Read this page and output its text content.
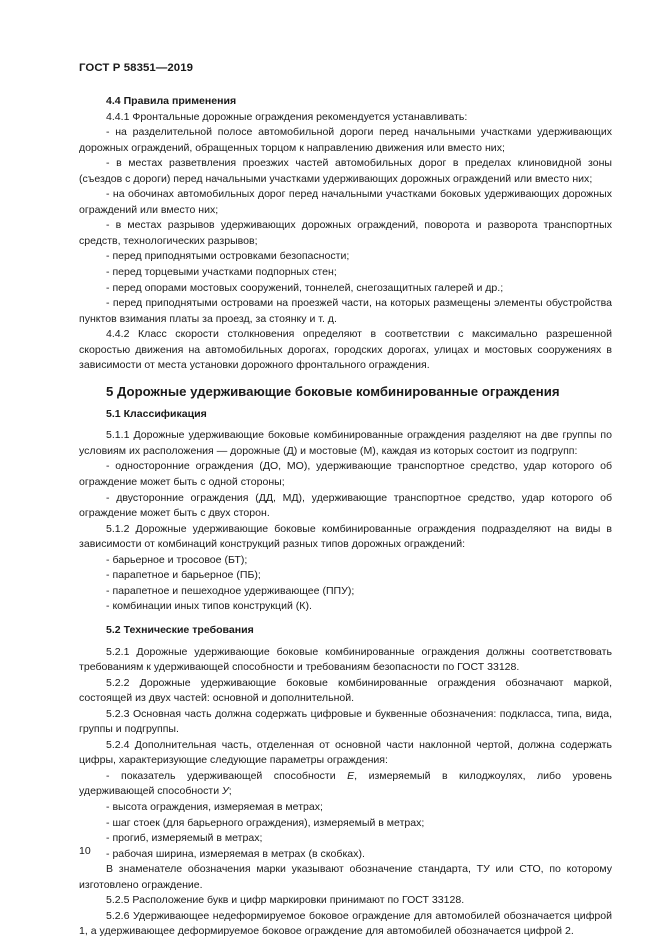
ГОСТ Р 58351—2019

4.4 Правила применения

4.4.1 Фронтальные дорожные ограждения рекомендуется устанавливать:

- на разделительной полосе автомобильной дороги перед начальными участками удерживающих дорожных ограждений, обращенных торцом к направлению движения или вместо них;

- в местах разветвления проезжих частей автомобильных дорог в пределах клиновидной зоны (съездов с дороги) перед начальными участками удерживающих дорожных ограждений или вместо них;

- на обочинах автомобильных дорог перед начальными участками боковых удерживающих дорожных ограждений или вместо них;

- в местах разрывов удерживающих дорожных ограждений, поворота и разворота транспортных средств, технологических разрывов;

- перед приподнятыми островками безопасности;

- перед торцевыми участками подпорных стен;

- перед опорами мостовых сооружений, тоннелей, снегозащитных галерей и др.;

- перед приподнятыми островами на проезжей части, на которых размещены элементы обустройства пунктов взимания платы за проезд, за стоянку и т. д.

4.4.2 Класс скорости столкновения определяют в соответствии с максимально разрешенной скоростью движения на автомобильных дорогах, городских дорогах, улицах и мостовых сооружениях в зависимости от места установки дорожного фронтального ограждения.

5 Дорожные удерживающие боковые комбинированные ограждения

5.1 Классификация

5.1.1 Дорожные удерживающие боковые комбинированные ограждения разделяют на две группы по условиям их расположения — дорожные (Д) и мостовые (М), каждая из которых состоит из подгрупп:

- односторонние ограждения (ДО, МО), удерживающие транспортное средство, удар которого об ограждение может быть с одной стороны;

- двусторонние ограждения (ДД, МД), удерживающие транспортное средство, удар которого об ограждение может быть с двух сторон.

5.1.2 Дорожные удерживающие боковые комбинированные ограждения подразделяют на виды в зависимости от комбинаций конструкций разных типов дорожных ограждений:

- барьерное и тросовое (БТ);

- парапетное и барьерное (ПБ);

- парапетное и пешеходное удерживающее (ППУ);

- комбинации иных типов конструкций (К).

5.2 Технические требования

5.2.1 Дорожные удерживающие боковые комбинированные ограждения должны соответствовать требованиям к удерживающей способности и требованиям безопасности по ГОСТ 33128.

5.2.2 Дорожные удерживающие боковые комбинированные ограждения обозначают маркой, состоящей из двух частей: основной и дополнительной.

5.2.3 Основная часть должна содержать цифровые и буквенные обозначения: подкласса, типа, вида, группы и подгруппы.

5.2.4 Дополнительная часть, отделенная от основной части наклонной чертой, должна содержать цифры, характеризующие следующие параметры ограждения:

- показатель удерживающей способности Е, измеряемый в килоджоулях, либо уровень удерживающей способности У;

- высота ограждения, измеряемая в метрах;

- шаг стоек (для барьерного ограждения), измеряемый в метрах;

- прогиб, измеряемый в метрах;

- рабочая ширина, измеряемая в метрах (в скобках).

В знаменателе обозначения марки указывают обозначение стандарта, ТУ или СТО, по которому изготовлено ограждение.

5.2.5 Расположение букв и цифр маркировки принимают по ГОСТ 33128.

5.2.6 Удерживающее недеформируемое боковое ограждение для автомобилей обозначается цифрой 1, а удерживающее деформируемое боковое ограждение для автомобилей обозначается цифрой 2.

10
